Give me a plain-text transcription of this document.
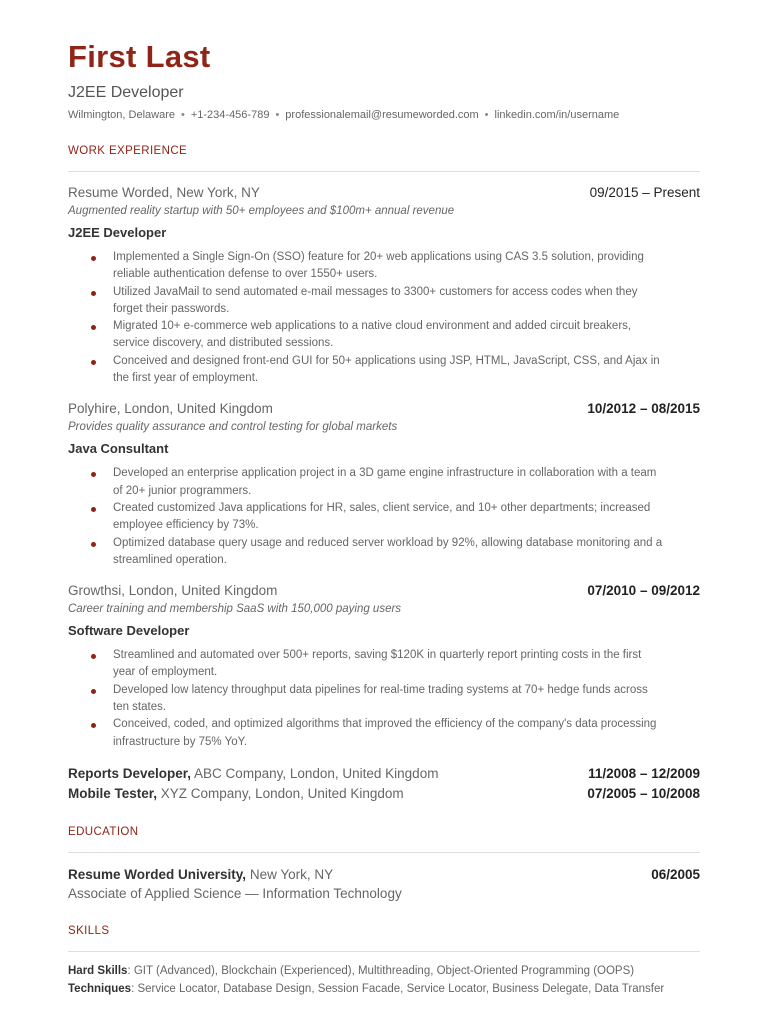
First Last
J2EE Developer
Wilmington, Delaware • +1-234-456-789 • professionalemail@resumeworded.com • linkedin.com/in/username
WORK EXPERIENCE
Resume Worded, New York, NY	09/2015 – Present
Augmented reality startup with 50+ employees and $100m+ annual revenue
J2EE Developer
Implemented a Single Sign-On (SSO) feature for 20+ web applications using CAS 3.5 solution, providing
reliable authentication defense to over 1550+ users.
Utilized JavaMail to send automated e-mail messages to 3300+ customers for access codes when they
forget their passwords.
Migrated 10+ e-commerce web applications to a native cloud environment and added circuit breakers,
service discovery, and distributed sessions.
Conceived and designed front-end GUI for 50+ applications using JSP, HTML, JavaScript, CSS, and Ajax in
the first year of employment.
Polyhire, London, United Kingdom	10/2012 – 08/2015
Provides quality assurance and control testing for global markets
Java Consultant
Developed an enterprise application project in a 3D game engine infrastructure in collaboration with a team
of 20+ junior programmers.
Created customized Java applications for HR, sales, client service, and 10+ other departments; increased
employee efficiency by 73%.
Optimized database query usage and reduced server workload by 92%, allowing database monitoring and a
streamlined operation.
Growthsi, London, United Kingdom	07/2010 – 09/2012
Career training and membership SaaS with 150,000 paying users
Software Developer
Streamlined and automated over 500+ reports, saving $120K in quarterly report printing costs in the first
year of employment.
Developed low latency throughput data pipelines for real-time trading systems at 70+ hedge funds across
ten states.
Conceived, coded, and optimized algorithms that improved the efficiency of the company's data processing
infrastructure by 75% YoY.
Reports Developer, ABC Company, London, United Kingdom	11/2008 – 12/2009
Mobile Tester, XYZ Company, London, United Kingdom	07/2005 – 10/2008
EDUCATION
Resume Worded University, New York, NY	06/2005
Associate of Applied Science — Information Technology
SKILLS
Hard Skills: GIT (Advanced), Blockchain (Experienced), Multithreading, Object-Oriented Programming (OOPS)
Techniques: Service Locator, Database Design, Session Facade, Service Locator, Business Delegate, Data Transfer
